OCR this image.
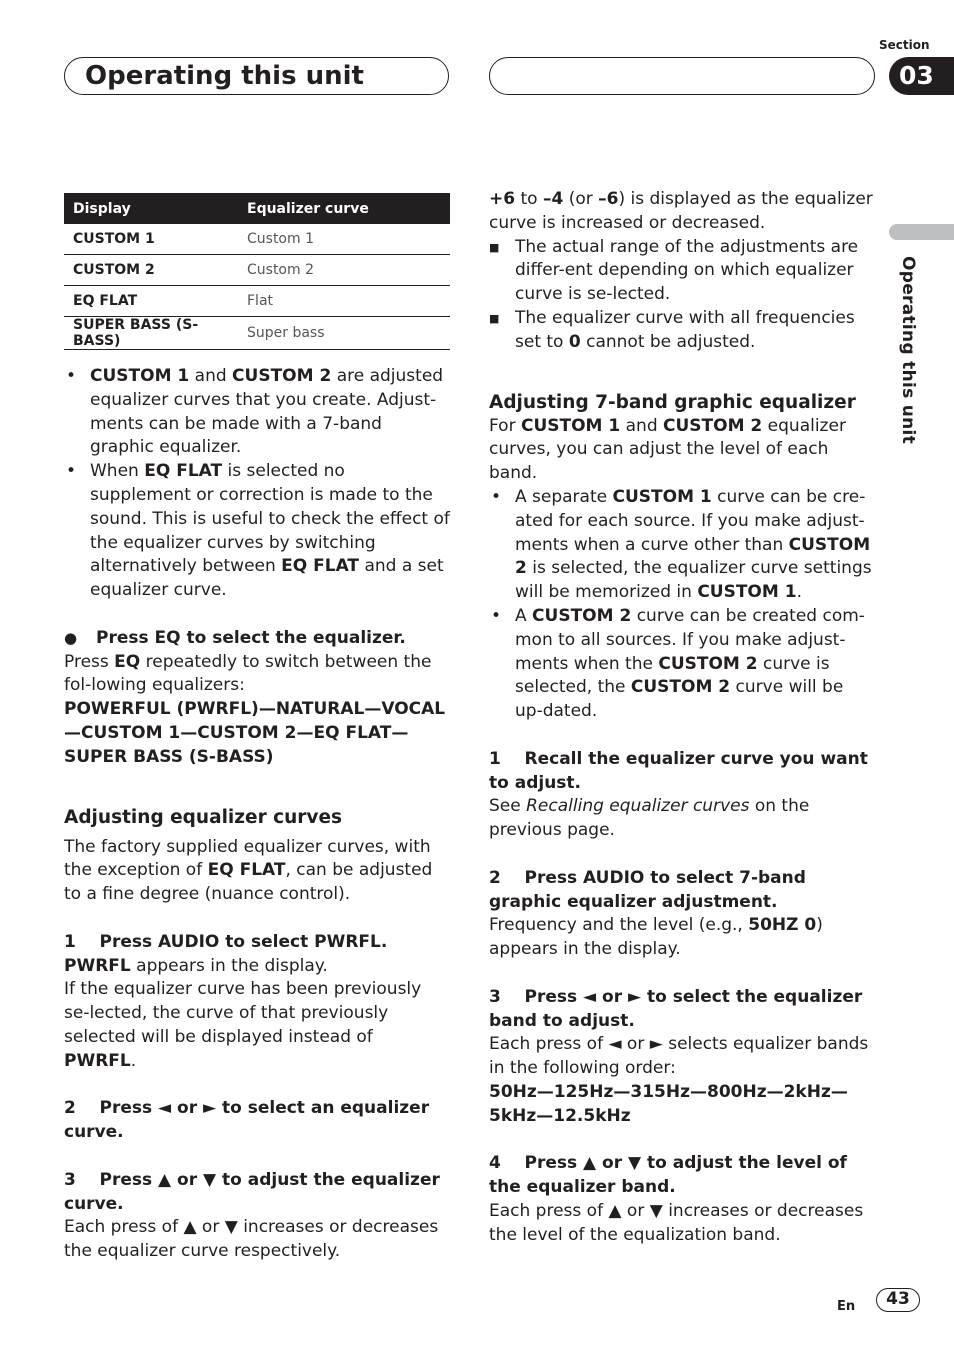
Operating this unit
Section
03
Operating this unit
Display	Equalizer curve
CUSTOM 1	Custom 1
CUSTOM 2	Custom 2
EQ FLAT	Flat
SUPER BASS (S-BASS)	Super bass
• CUSTOM 1 and CUSTOM 2 are adjusted equalizer curves that you create. Adjust-ments can be made with a 7-band graphic equalizer.
• When EQ FLAT is selected no supplement or correction is made to the sound. This is useful to check the effect of the equalizer curves by switching alternatively between EQ FLAT and a set equalizer curve.

● Press EQ to select the equalizer.

Press EQ repeatedly to switch between the fol-lowing equalizers:

POWERFUL (PWRFL)—NATURAL—VOCAL—CUSTOM 1—CUSTOM 2—EQ FLAT—SUPER BASS (S-BASS)

Adjusting equalizer curves

The factory supplied equalizer curves, with the exception of EQ FLAT, can be adjusted to a fine degree (nuance control).

1    Press AUDIO to select PWRFL.

PWRFL appears in the display.

If the equalizer curve has been previously se-lected, the curve of that previously selected will be displayed instead of PWRFL.

2    Press ◄ or ► to select an equalizer curve.

3    Press ▲ or ▼ to adjust the equalizer curve.

Each press of ▲ or ▼ increases or decreases the equalizer curve respectively.

+6 to –4 (or –6) is displayed as the equalizer curve is increased or decreased.

■ The actual range of the adjustments are differ-ent depending on which equalizer curve is se-lected.

■ The equalizer curve with all frequencies set to 0 cannot be adjusted.

Adjusting 7-band graphic equalizer

For CUSTOM 1 and CUSTOM 2 equalizer curves, you can adjust the level of each band.

• A separate CUSTOM 1 curve can be cre-ated for each source. If you make adjust-ments when a curve other than CUSTOM 2 is selected, the equalizer curve settings will be memorized in CUSTOM 1.
• A CUSTOM 2 curve can be created com-mon to all sources. If you make adjust-ments when the CUSTOM 2 curve is selected, the CUSTOM 2 curve will be up-dated.

1    Recall the equalizer curve you want to adjust.

See Recalling equalizer curves on the previous page.

2    Press AUDIO to select 7-band graphic equalizer adjustment.

Frequency and the level (e.g., 50HZ 0) appears in the display.

3    Press ◄ or ► to select the equalizer band to adjust.

Each press of ◄ or ► selects equalizer bands in the following order:

50Hz—125Hz—315Hz—800Hz—2kHz—5kHz—12.5kHz

4    Press ▲ or ▼ to adjust the level of the equalizer band.

Each press of ▲ or ▼ increases or decreases the level of the equalization band.

En	43
